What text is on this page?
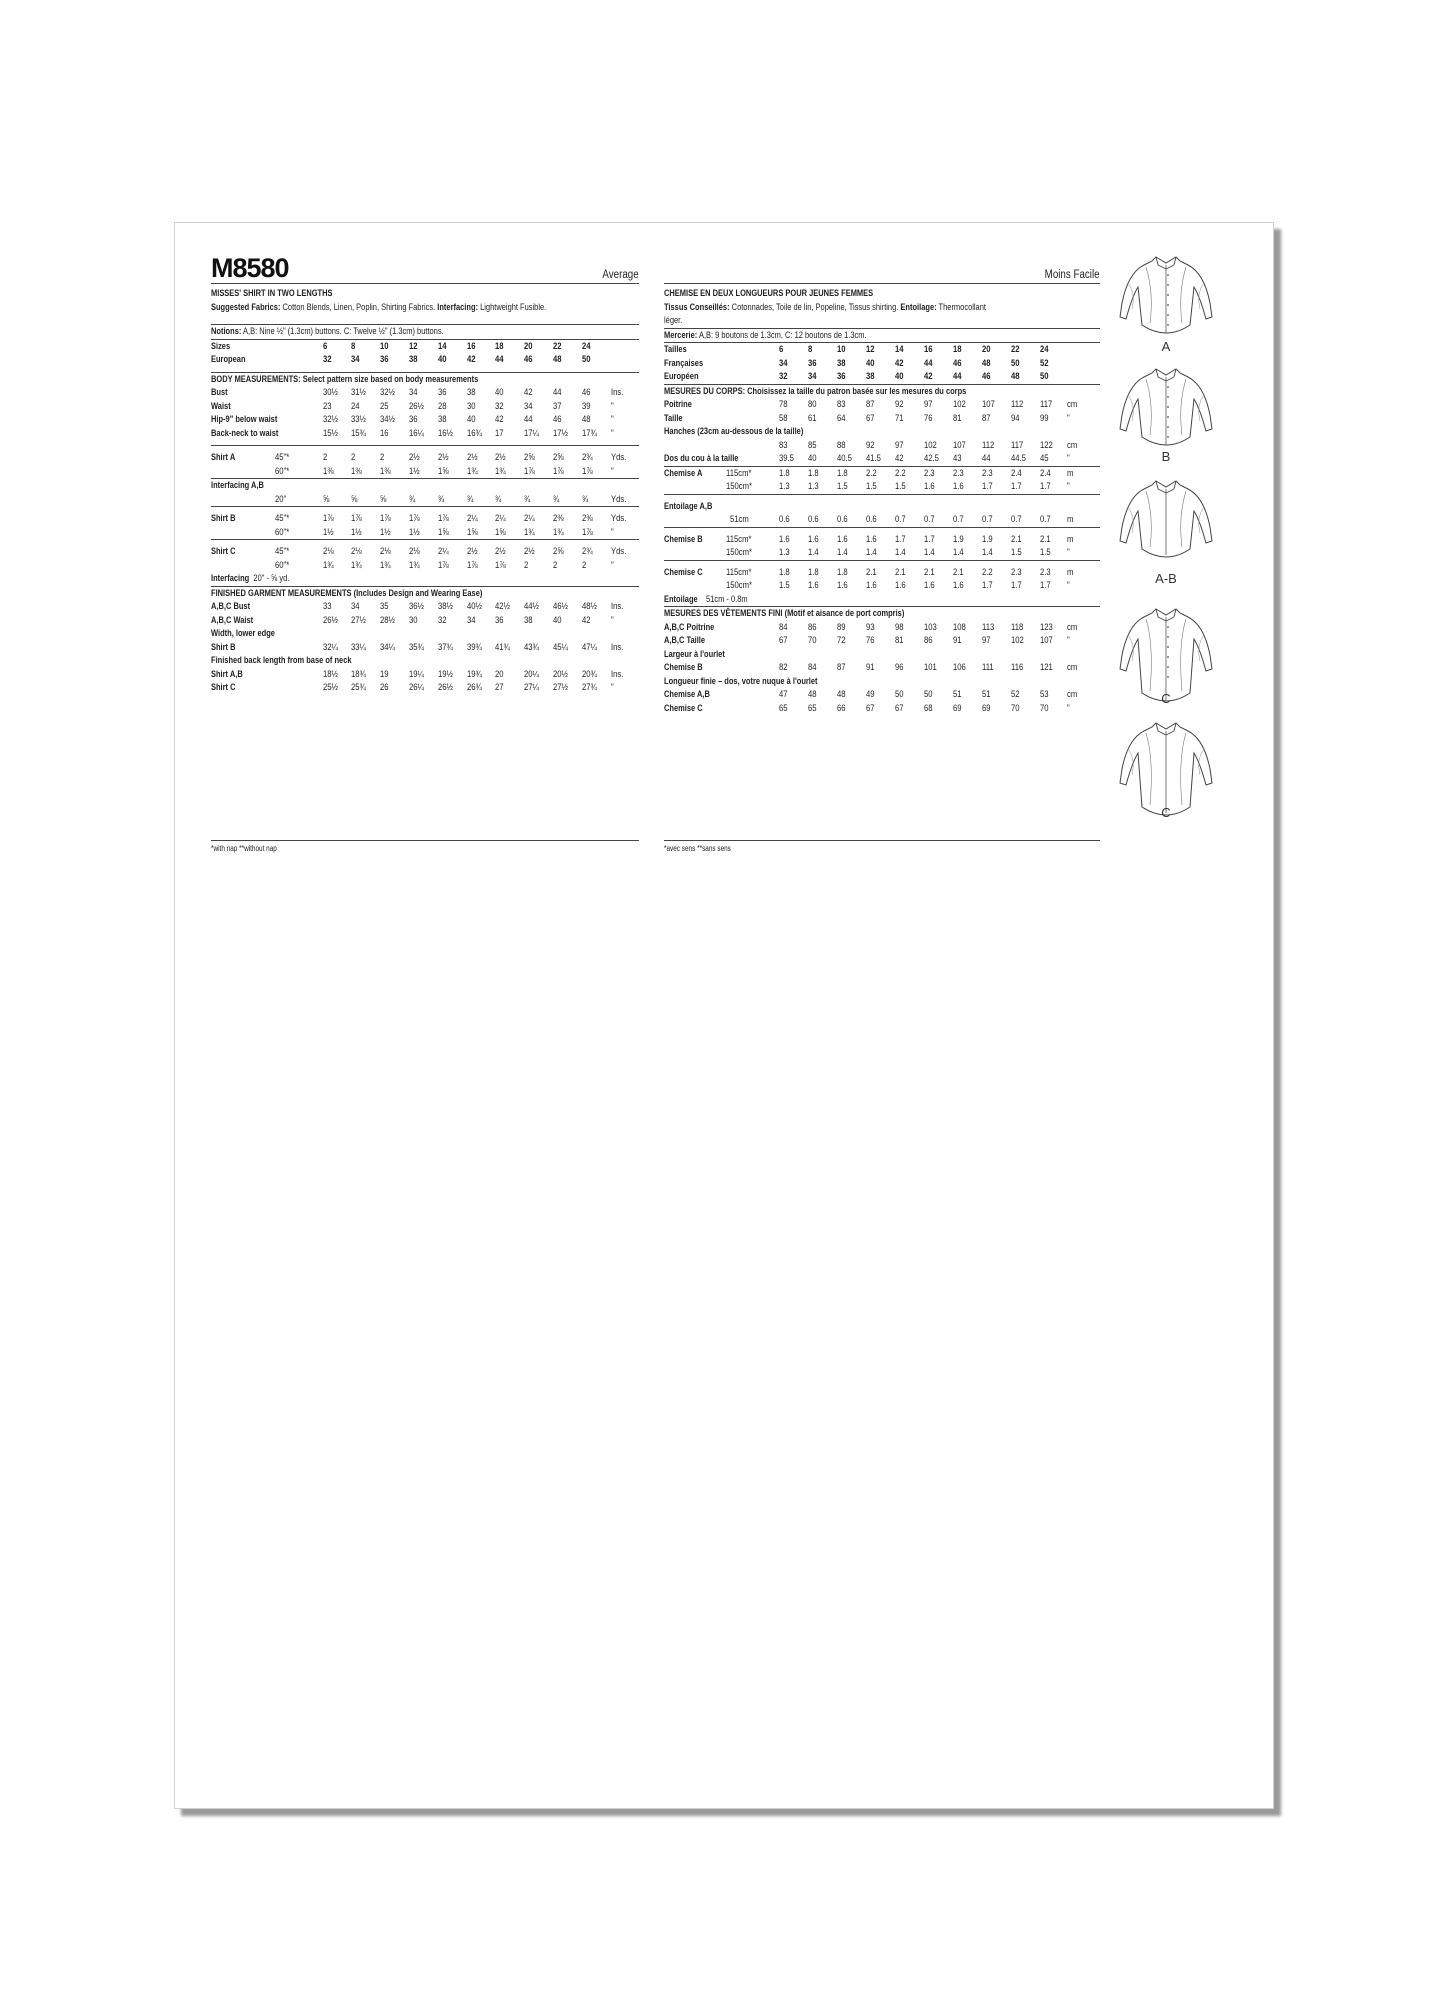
M8580	Average
MISSES' SHIRT IN TWO LENGTHS
Suggested Fabrics: Cotton Blends, Linen, Poplin, Shirting Fabrics. Interfacing: Lightweight Fusible.
Notions: A,B: Nine ½" (1.3cm) buttons. C: Twelve ½" (1.3cm) buttons.
Sizes	6 8	10 12 14 16 18 20 22 24
European	32 34 36 38 40 42 44 46 48 50
BODY MEASUREMENTS: Select pattern size based on body measurements
Bust	30½ 31½ 32½ 34 36 38 40 42 44 46 Ins.
Waist	23 24 25 26½ 28 30 32 34 37 39 "
Hip-9" below waist	32½ 33½ 34½ 36 38 40 42 44 46 48 "
Back-neck to waist	15½ 15¾ 16 16¼ 16½ 16¾ 17 17¼ 17½ 17¾ "
Shirt A	45"*	2 2	2	2½ 2½ 2½ 2½ 2⅝ 2⅝ 2¾ Yds.
60"*	1⅜ 1⅜ 1⅜ 1½ 1⅝ 1¾ 1¾ 1⅞ 1⅞ 1⅞ "
Interfacing A,B
20"	⅝ ⅝ ⅝ ¾ ¾ ¾ ¾ ¾ ¾ ¾ Yds.
Shirt B	45"*	1⅞ 1⅞ 1⅞ 1⅞ 1⅞ 2¼ 2¼ 2¼ 2⅜ 2⅜ Yds.
60"*	1½ 1½ 1½ 1½ 1⅝ 1⅝ 1⅝ 1¾ 1¾ 1⅞ "
Shirt C	45"*	2⅛ 2⅛ 2⅛ 2⅛ 2¼ 2½ 2½ 2½ 2⅝ 2¾ Yds.
60"*	1¾ 1¾ 1¾ 1¾ 1⅞ 1⅞ 1⅞ 2	2	2	"
Interfacing 20" - ⅝ yd.
FINISHED GARMENT MEASUREMENTS (Includes Design and Wearing Ease)
A,B,C Bust	33 34 35 36½ 38½ 40½ 42½ 44½ 46½ 48½ Ins.
A,B,C Waist	26½ 27½ 28½ 30 32 34 36 38 40 42 "
Width, lower edge
Shirt B	32¼ 33¼ 34¼ 35¾ 37¾ 39¾ 41¾ 43¾ 45¼ 47¼ Ins.
Finished back length from base of neck
Shirt A,B	18½ 18¾ 19 19¼ 19½ 19¾ 20 20¼ 20½ 20¾ Ins.
Shirt C	25½ 25¾ 26 26¼ 26½ 26¾ 27 27¼ 27½ 27¾ "
*with nap **without nap
Moins Facile
CHEMISE EN DEUX LONGUEURS POUR JEUNES FEMMES
Tissus Conseillés: Cotonnades, Toile de lin, Popeline, Tissus shirting. Entoilage: Thermocollant
léger.
Mercerie: A,B: 9 boutons de 1.3cm. C: 12 boutons de 1.3cm.
Tailles	6	8	10 12 14 16 18 20 22 24
Françaises	34 36 38 40 42 44 46 48 50 52
Européen	32 34 36 38 40 42 44 46 48 50
MESURES DU CORPS: Choisissez la taille du patron basée sur les mesures du corps
Poitrine	78 80 83 87 92 97 102 107 112 117 cm
Taille	58 61 64 67 71 76 81 87 94 99 "
Hanches (23cm au-dessous de la taille)
83 85 88 92 97 102 107 112 117 122 cm
Dos du cou à la taille	39.5 40 40.5 41.5 42 42.5 43 44 44.5 45 "
Chemise A 115cm*	1.8 1.8 1.8 2.2 2.2 2.3 2.3 2.3 2.4 2.4 m
150cm*	1.3 1.3 1.5 1.5 1.5 1.6 1.6 1.7 1.7 1.7 "
Entoilage A,B
51cm	0.6 0.6 0.6 0.6 0.7 0.7 0.7 0.7 0.7 0.7 m
Chemise B 115cm*	1.6 1.6 1.6 1.6 1.7 1.7 1.9 1.9 2.1 2.1 m
150cm*	1.3 1.4 1.4 1.4 1.4 1.4 1.4 1.4 1.5 1.5 "
Chemise C 115cm*	1.8 1.8 1.8 2.1 2.1 2.1 2.1 2.2 2.3 2.3 m
150cm*	1.5 1.6 1.6 1.6 1.6 1.6 1.6 1.7 1.7 1.7 "
Entoilage 51cm - 0.8m
MESURES DES VÊTEMENTS FINI (Motif et aisance de port compris)
A,B,C Poitrine	84 86 89 93 98 103 108 113 118 123 cm
A,B,C Taille	67 70 72 76 81 86 91 97 102 107 "
Largeur à l'ourlet
Chemise B	82 84 87 91 96 101 106 111 116 121 cm
Longueur finie – dos, votre nuque à l'ourlet
Chemise A,B	47 48 48 49 50 50 51 51 52 53 cm
Chemise C	65 65 66 67 67 68 69 69 70 70 "
*avec sens **sans sens
A
B
A-B
C
C
